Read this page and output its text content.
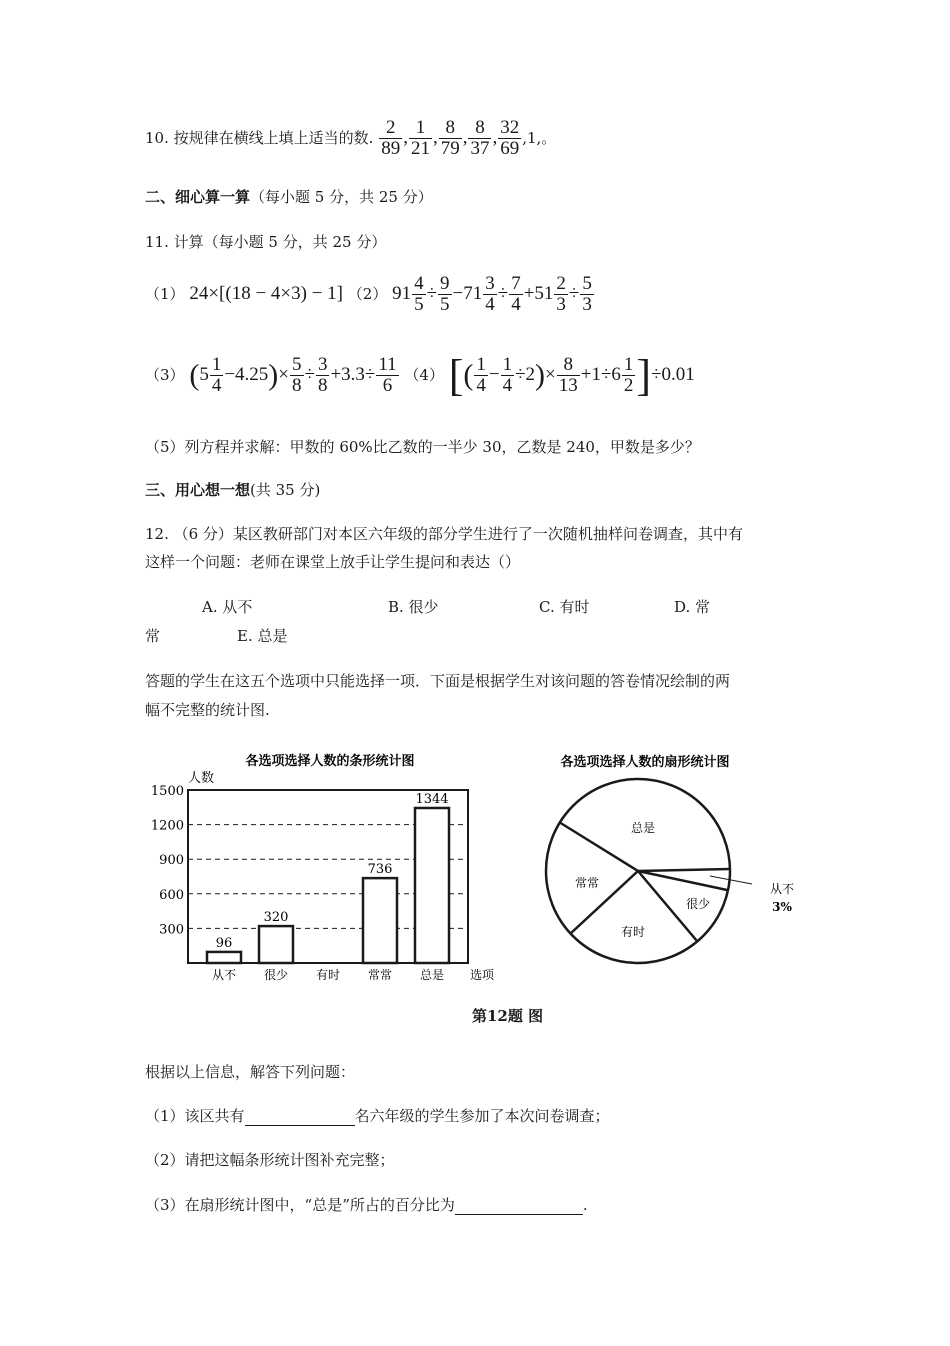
10. 按规律在横线上填上适当的数. $\frac{2}{89}$ , $\frac{1}{21}$ , $\frac{8}{79}$ , $\frac{8}{37}$ , $\frac{32}{69} ,1$,。
二、细心算一算（每小题 5 分，共 25 分）
11. 计算（每小题 5 分，共 25 分）
（1） 24×[(18 − 4×3) − 1] （2） $91 \frac{4}{5} \div \frac{9}{5} -71 \frac{3}{4} \div \frac{7}{4} +51 \frac{2}{3} \div \frac{5}{3}$
（3） $(5 \frac{1}{4} -4.25)\times \frac{5}{8} \div \frac{3}{8} +3.3\div \frac{11}{6} (4)$ [( $\frac{1}{4} - \frac{1}{4} \div 2)\times \frac{8}{13} +1\div 6 \frac{1}{2} ]\div 0.01$
（5）列方程并求解：甲数的 60%比乙数的一半少 30，乙数是 240，甲数是多少？
三、用心想一想(共 35 分)
12. （6 分）某区教研部门对本区六年级的部分学生进行了一次随机抽样问卷调查，其中有
这样一个问题：老师在课堂上放手让学生提问和表达（）
A. 从不	B. 很少	C. 有时	D. 常
常	E. 总是
答题的学生在这五个选项中只能选择一项．下面是根据学生对该问题的答卷情况绘制的两
幅不完整的统计图.
各选项选择人数的条形统计图
人数
300
600
900
1200
1500
96
320
736
1344
从不 很少 有时 常常 总是 选项
各选项选择人数的扇形统计图
总是
从不
3%
很少
有时
常常
第12题 图
根据以上信息，解答下列问题：
（1）该区共有	名六年级的学生参加了本次问卷调查；
（2）请把这幅条形统计图补充完整；
（3）在扇形统计图中，“总是”所占的百分比为	.
